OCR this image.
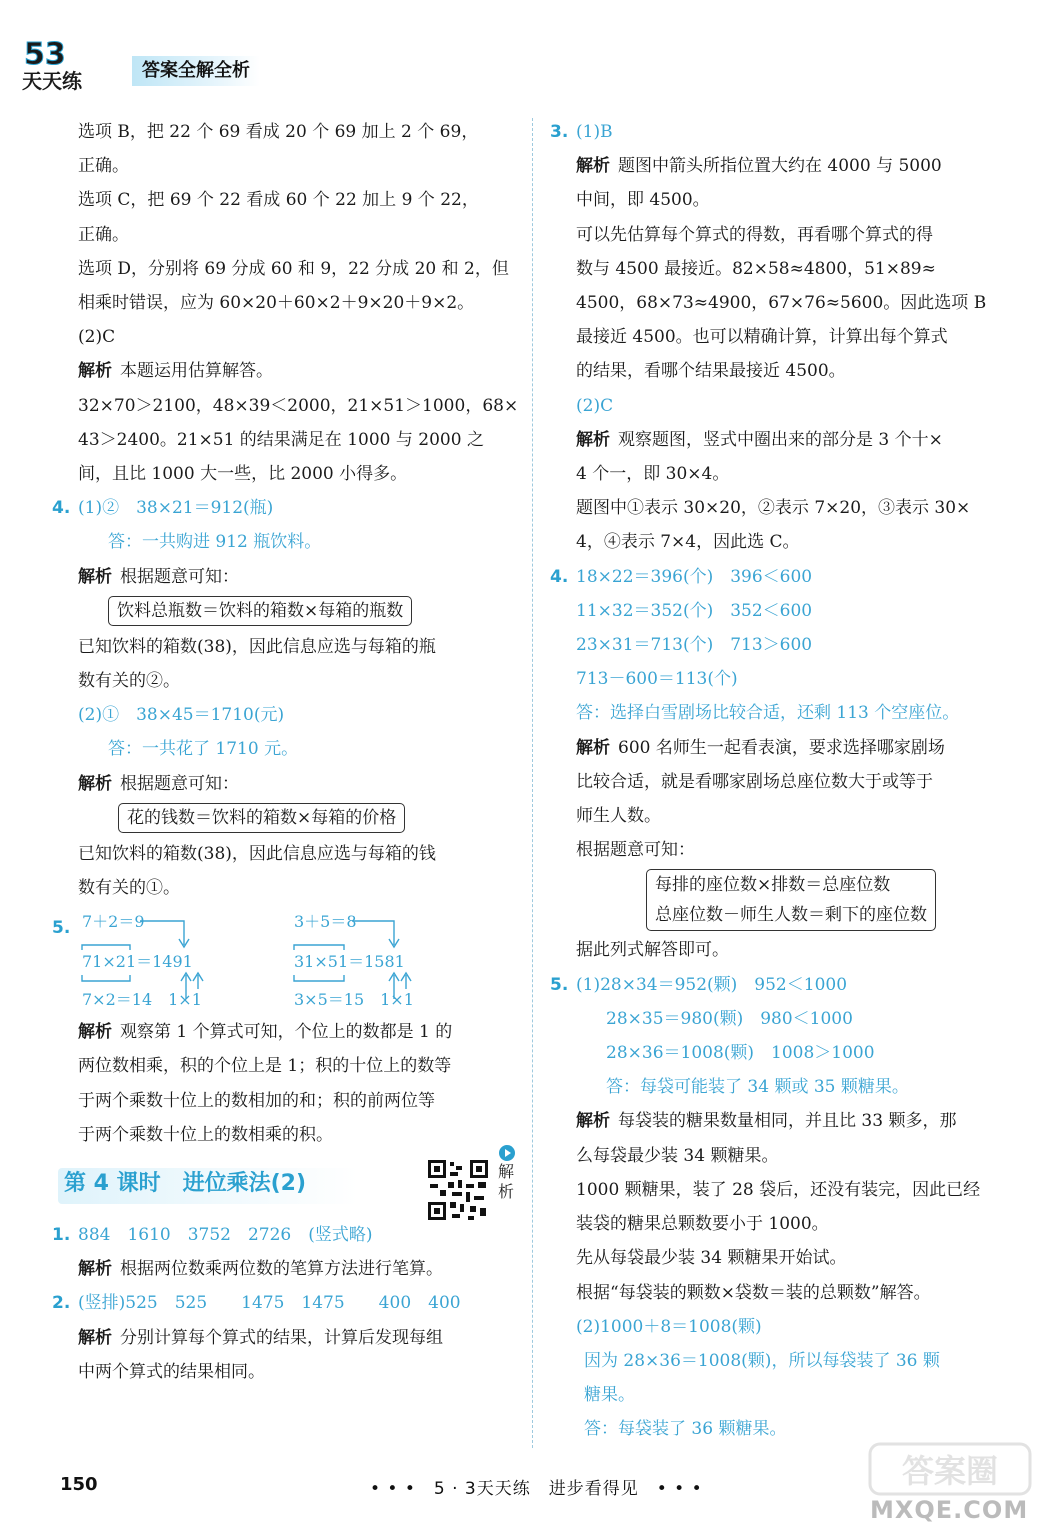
53
天天练	答案全解全析
选项 B，把 22 个 69 看成 20 个 69 加上 2 个 69，
正确。
选项 C，把 69 个 22 看成 60 个 22 加上 9 个 22，
正确。
选项 D，分别将 69 分成 60 和 9，22 分成 20 和 2，但
相乘时错误，应为 60×20＋60×2＋9×20＋9×2。
(2)C
解析 本题运用估算解答。
32×70＞2100，48×39＜2000，21×51＞1000，68×
43＞2400。21×51 的结果满足在 1000 与 2000 之
间，且比 1000 大一些，比 2000 小得多。
4. (1)②　38×21＝912(瓶)
答：一共购进 912 瓶饮料。
解析 根据题意可知：
饮料总瓶数＝饮料的箱数×每箱的瓶数
已知饮料的箱数(38)，因此信息应选与每箱的瓶
数有关的②。
(2)①　38×45＝1710(元)
答：一共花了 1710 元。
解析 根据题意可知：
花的钱数＝饮料的箱数×每箱的价格
已知饮料的箱数(38)，因此信息应选与每箱的钱
数有关的①。
5. 7＋2＝9
71×21＝1491
7×2＝14　1×1
3＋5＝8
31×51＝1581
3×5＝15　1×1
解析 观察第 1 个算式可知，个位上的数都是 1 的
两位数相乘，积的个位上是 1；积的十位上的数等
于两个乘数十位上的数相加的和；积的前两位等
于两个乘数十位上的数相乘的积。
第 4 课时　进位乘法(2)	解析
1. 884　1610　3752　2726　(竖式略)
解析 根据两位数乘两位数的笔算方法进行笔算。
2. (竖排)525　525　　1475　1475　　400　400
解析 分别计算每个算式的结果，计算后发现每组
中两个算式的结果相同。
3. (1)B
解析 题图中箭头所指位置大约在 4000 与 5000
中间，即 4500。
可以先估算每个算式的得数，再看哪个算式的得
数与 4500 最接近。82×58≈4800，51×89≈
4500，68×73≈4900，67×76≈5600。因此选项 B
最接近 4500。也可以精确计算，计算出每个算式
的结果，看哪个结果最接近 4500。
(2)C
解析 观察题图，竖式中圈出来的部分是 3 个十×
4 个一，即 30×4。
题图中①表示 30×20，②表示 7×20，③表示 30×
4，④表示 7×4，因此选 C。
4. 18×22＝396(个)　396＜600
11×32＝352(个)　352＜600
23×31＝713(个)　713＞600
713－600＝113(个)
答：选择白雪剧场比较合适，还剩 113 个空座位。
解析 600 名师生一起看表演，要求选择哪家剧场
比较合适，就是看哪家剧场总座位数大于或等于
师生人数。
根据题意可知：
每排的座位数×排数＝总座位数
总座位数－师生人数＝剩下的座位数
据此列式解答即可。
5. (1)28×34＝952(颗)　952＜1000
28×35＝980(颗)　980＜1000
28×36＝1008(颗)　1008＞1000
答：每袋可能装了 34 颗或 35 颗糖果。
解析 每袋装的糖果数量相同，并且比 33 颗多，那
么每袋最少装 34 颗糖果。
1000 颗糖果，装了 28 袋后，还没有装完，因此已经
装袋的糖果总颗数要小于 1000。
先从每袋最少装 34 颗糖果开始试。
根据“每袋装的颗数×袋数＝装的总颗数”解答。
(2)1000＋8＝1008(颗)
因为 28×36＝1008(颗)，所以每袋装了 36 颗
糖果。
答：每袋装了 36 颗糖果。
150	• • •　5 · 3天天练　进步看得见　• • •	答案圈
MXQE.COM
